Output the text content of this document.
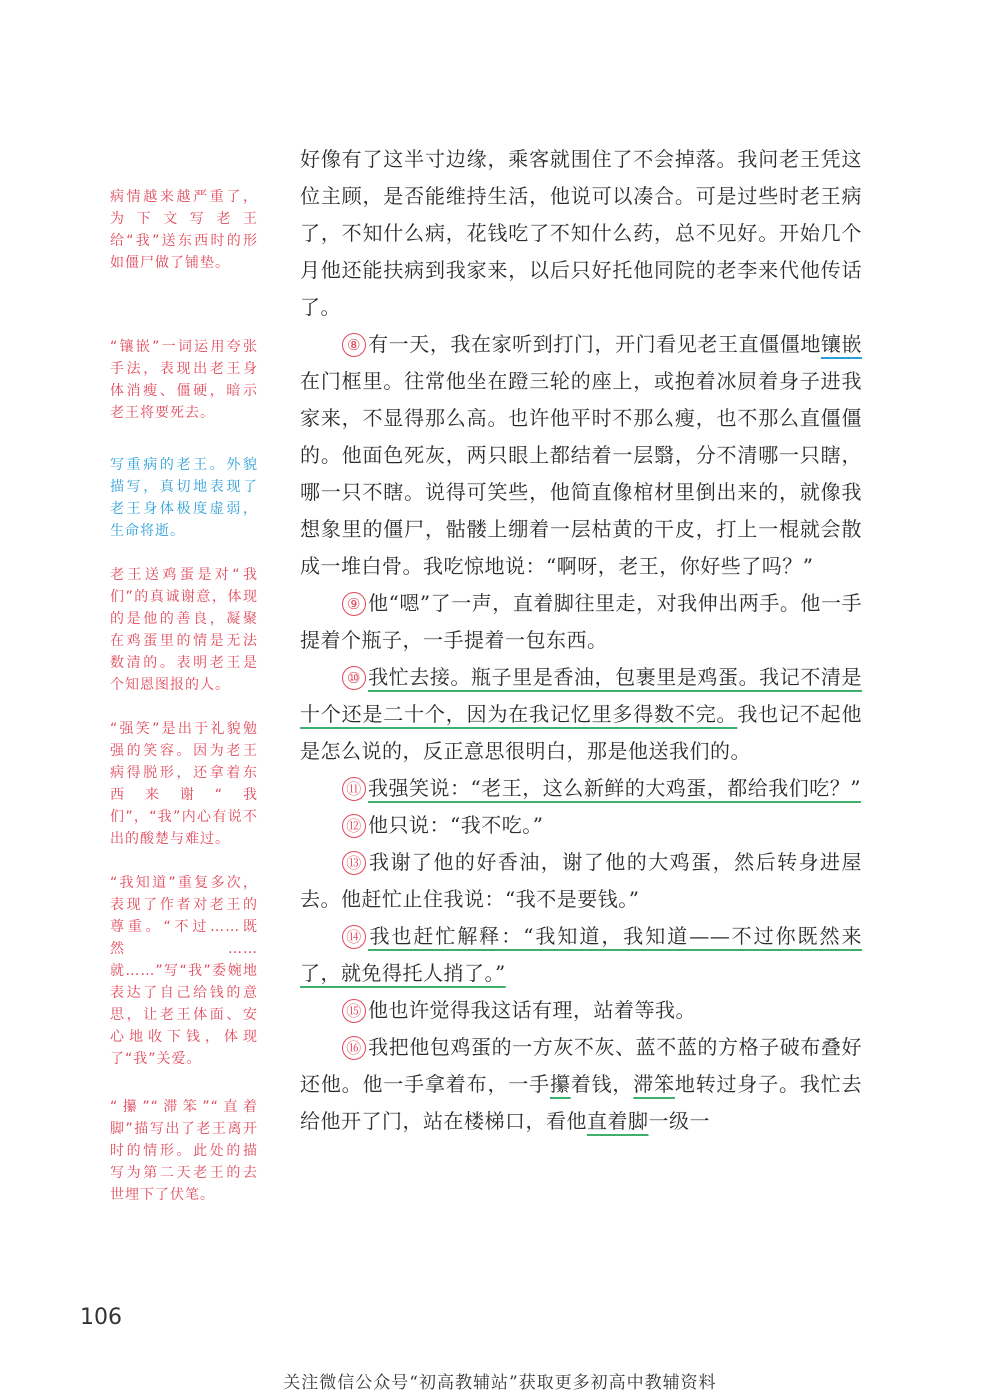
病情越来越严重了，为下文写老王给“我”送东西时的形如僵尸做了铺垫。

“镶嵌”一词运用夸张手法，表现出老王身体消瘦、僵硬，暗示老王将要死去。

写重病的老王。外貌描写，真切地表现了老王身体极度虚弱，生命将逝。

老王送鸡蛋是对“我们”的真诚谢意，体现的是他的善良，凝聚在鸡蛋里的情是无法数清的。表明老王是个知恩图报的人。

“强笑”是出于礼貌勉强的笑容。因为老王病得脱形，还拿着东西来谢“我们”，“我”内心有说不出的酸楚与难过。

“我知道”重复多次，表现了作者对老王的尊重。“不过……既然……就……”写“我”委婉地表达了自己给钱的意思，让老王体面、安心地收下钱，体现了“我”关爱。

“攥”“滞笨”“直着脚”描写出了老王离开时的情形。此处的描写为第二天老王的去世埋下了伏笔。

好像有了这半寸边缘，乘客就围住了不会掉落。我问老王凭这位主顾，是否能维持生活，他说可以凑合。可是过些时老王病了，不知什么病，花钱吃了不知什么药，总不见好。开始几个月他还能扶病到我家来，以后只好托他同院的老李来代他传话了。

⑧ 有一天，我在家听到打门，开门看见老王直僵僵地镶嵌在门框里。往常他坐在蹬三轮的座上，或抱着冰屃着身子进我家来，不显得那么高。也许他平时不那么瘦，也不那么直僵僵的。他面色死灰，两只眼上都结着一层翳，分不清哪一只瞎，哪一只不瞎。说得可笑些，他简直像棺材里倒出来的，就像我想象里的僵尸，骷髅上绷着一层枯黄的干皮，打上一棍就会散成一堆白骨。我吃惊地说：“啊呀，老王，你好些了吗？”

⑨ 他“嗯”了一声，直着脚往里走，对我伸出两手。他一手提着个瓶子，一手提着一包东西。

⑩ 我忙去接。瓶子里是香油，包裹里是鸡蛋。我记不清是十个还是二十个，因为在我记忆里多得数不完。我也记不起他是怎么说的，反正意思很明白，那是他送我们的。

⑪ 我强笑说：“老王，这么新鲜的大鸡蛋，都给我们吃？”

⑫ 他只说：“我不吃。”

⑬ 我谢了他的好香油，谢了他的大鸡蛋，然后转身进屋去。他赶忙止住我说：“我不是要钱。”

⑭ 我也赶忙解释：“我知道，我知道——不过你既然来了，就免得托人捎了。”

⑮ 他也许觉得我这话有理，站着等我。

⑯ 我把他包鸡蛋的一方灰不灰、蓝不蓝的方格子破布叠好还他。他一手拿着布，一手攥着钱，滞笨地转过身子。我忙去给他开了门，站在楼梯口，看他直着脚一级一

106
关注微信公众号“初高教辅站”获取更多初高中教辅资料
